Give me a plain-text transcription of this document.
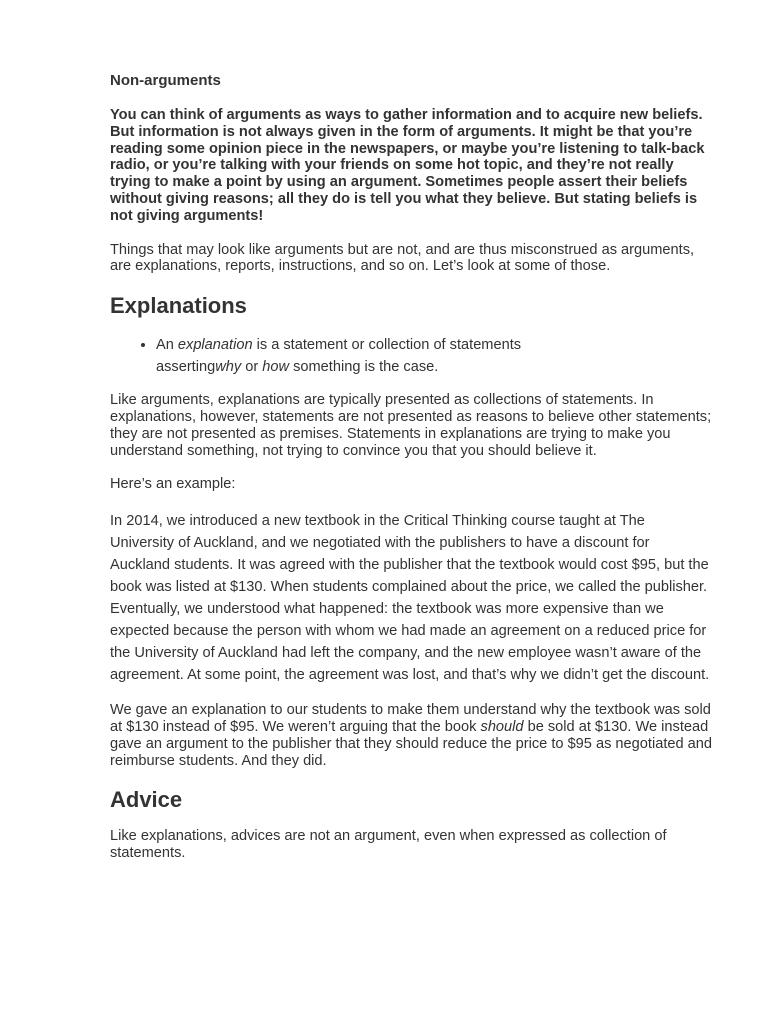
Non-arguments

You can think of arguments as ways to gather information and to acquire new beliefs. But information is not always given in the form of arguments. It might be that you’re reading some opinion piece in the newspapers, or maybe you’re listening to talk-back radio, or you’re talking with your friends on some hot topic, and they’re not really trying to make a point by using an argument. Sometimes people assert their beliefs without giving reasons; all they do is tell you what they believe. But stating beliefs is not giving arguments!

Things that may look like arguments but are not, and are thus misconstrued as arguments, are explanations, reports, instructions, and so on. Let’s look at some of those.

Explanations
• An explanation is a statement or collection of statements assertingwhy or how something is the case.

Like arguments, explanations are typically presented as collections of statements. In explanations, however, statements are not presented as reasons to believe other statements; they are not presented as premises. Statements in explanations are trying to make you understand something, not trying to convince you that you should believe it.

Here’s an example:

In 2014, we introduced a new textbook in the Critical Thinking course taught at The University of Auckland, and we negotiated with the publishers to have a discount for Auckland students. It was agreed with the publisher that the textbook would cost $95, but the book was listed at $130. When students complained about the price, we called the publisher. Eventually, we understood what happened: the textbook was more expensive than we expected because the person with whom we had made an agreement on a reduced price for the University of Auckland had left the company, and the new employee wasn’t aware of the agreement. At some point, the agreement was lost, and that’s why we didn’t get the discount.

We gave an explanation to our students to make them understand why the textbook was sold at $130 instead of $95. We weren’t arguing that the book should be sold at $130. We instead gave an argument to the publisher that they should reduce the price to $95 as negotiated and reimburse students. And they did.

Advice

Like explanations, advices are not an argument, even when expressed as collection of statements.
